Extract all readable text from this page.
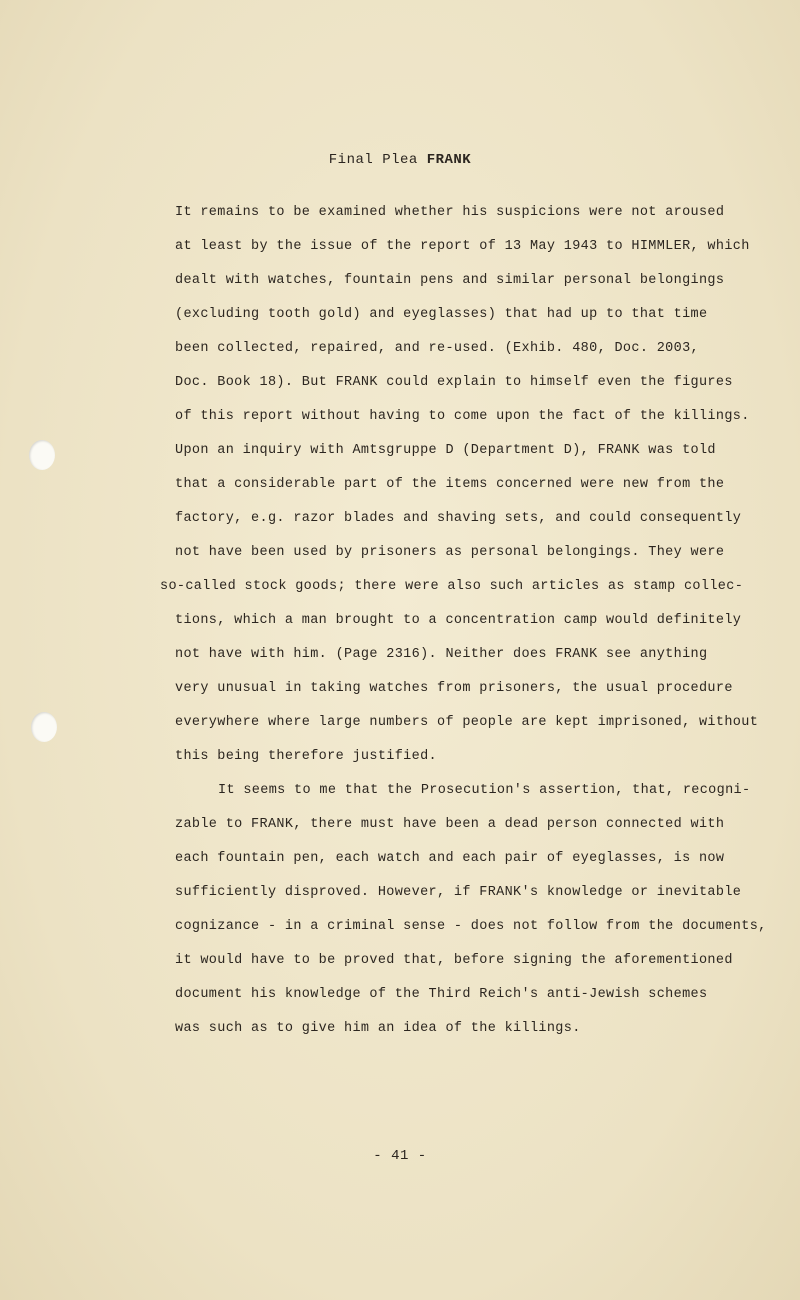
Final Plea FRANK
It remains to be examined whether his suspicions were not aroused
at least by the issue of the report of 13 May 1943 to HIMMLER, which
dealt with watches, fountain pens and similar personal belongings
(excluding tooth gold) and eyeglasses) that had up to that time
been collected, repaired, and re-used. (Exhib. 480, Doc. 2003,
Doc. Book 18). But FRANK could explain to himself even the figures
of this report without having to come upon the fact of the killings.
Upon an inquiry with Amtsgruppe D (Department D), FRANK was told
that a considerable part of the items concerned were new from the
factory, e.g. razor blades and shaving sets, and could consequently
not have been used by prisoners as personal belongings. They were
so-called stock goods; there were also such articles as stamp collec-
tions, which a man brought to a concentration camp would definitely
not have with him. (Page 2316). Neither does FRANK see anything
very unusual in taking watches from prisoners, the usual procedure
everywhere where large numbers of people are kept imprisoned, without
this being therefore justified.
It seems to me that the Prosecution's assertion, that, recogni-
zable to FRANK, there must have been a dead person connected with
each fountain pen, each watch and each pair of eyeglasses, is now
sufficiently disproved. However, if FRANK's knowledge or inevitable
cognizance - in a criminal sense - does not follow from the documents,
it would have to be proved that, before signing the aforementioned
document his knowledge of the Third Reich's anti-Jewish schemes
was such as to give him an idea of the killings.
- 41 -
